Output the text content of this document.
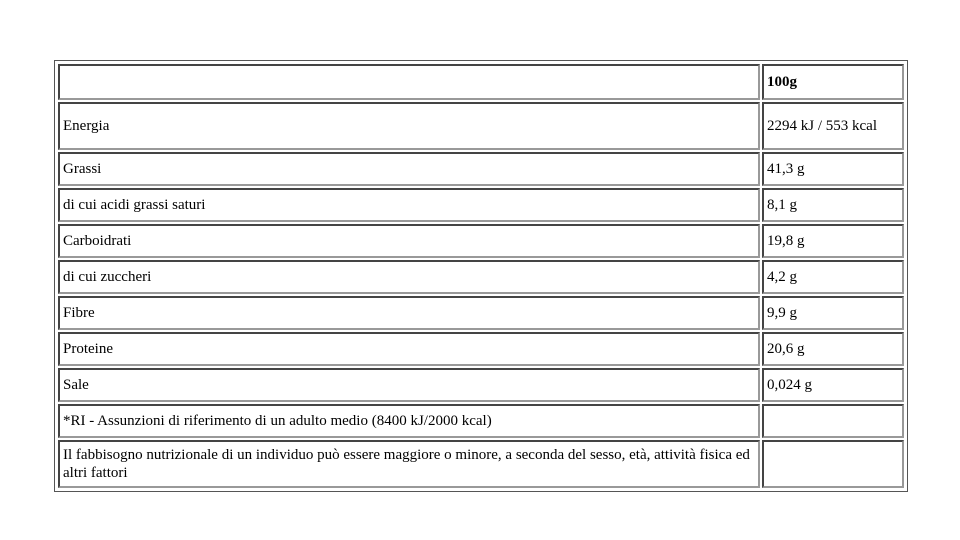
	100g
Energia	2294 kJ / 553 kcal
Grassi	41,3 g
di cui acidi grassi saturi	8,1 g
Carboidrati	19,8 g
di cui zuccheri	4,2 g
Fibre	9,9 g
Proteine	20,6 g
Sale	0,024 g
*RI - Assunzioni di riferimento di un adulto medio (8400 kJ/2000 kcal)	
Il fabbisogno nutrizionale di un individuo può essere maggiore o minore, a seconda del sesso, età, attività fisica ed altri fattori	
